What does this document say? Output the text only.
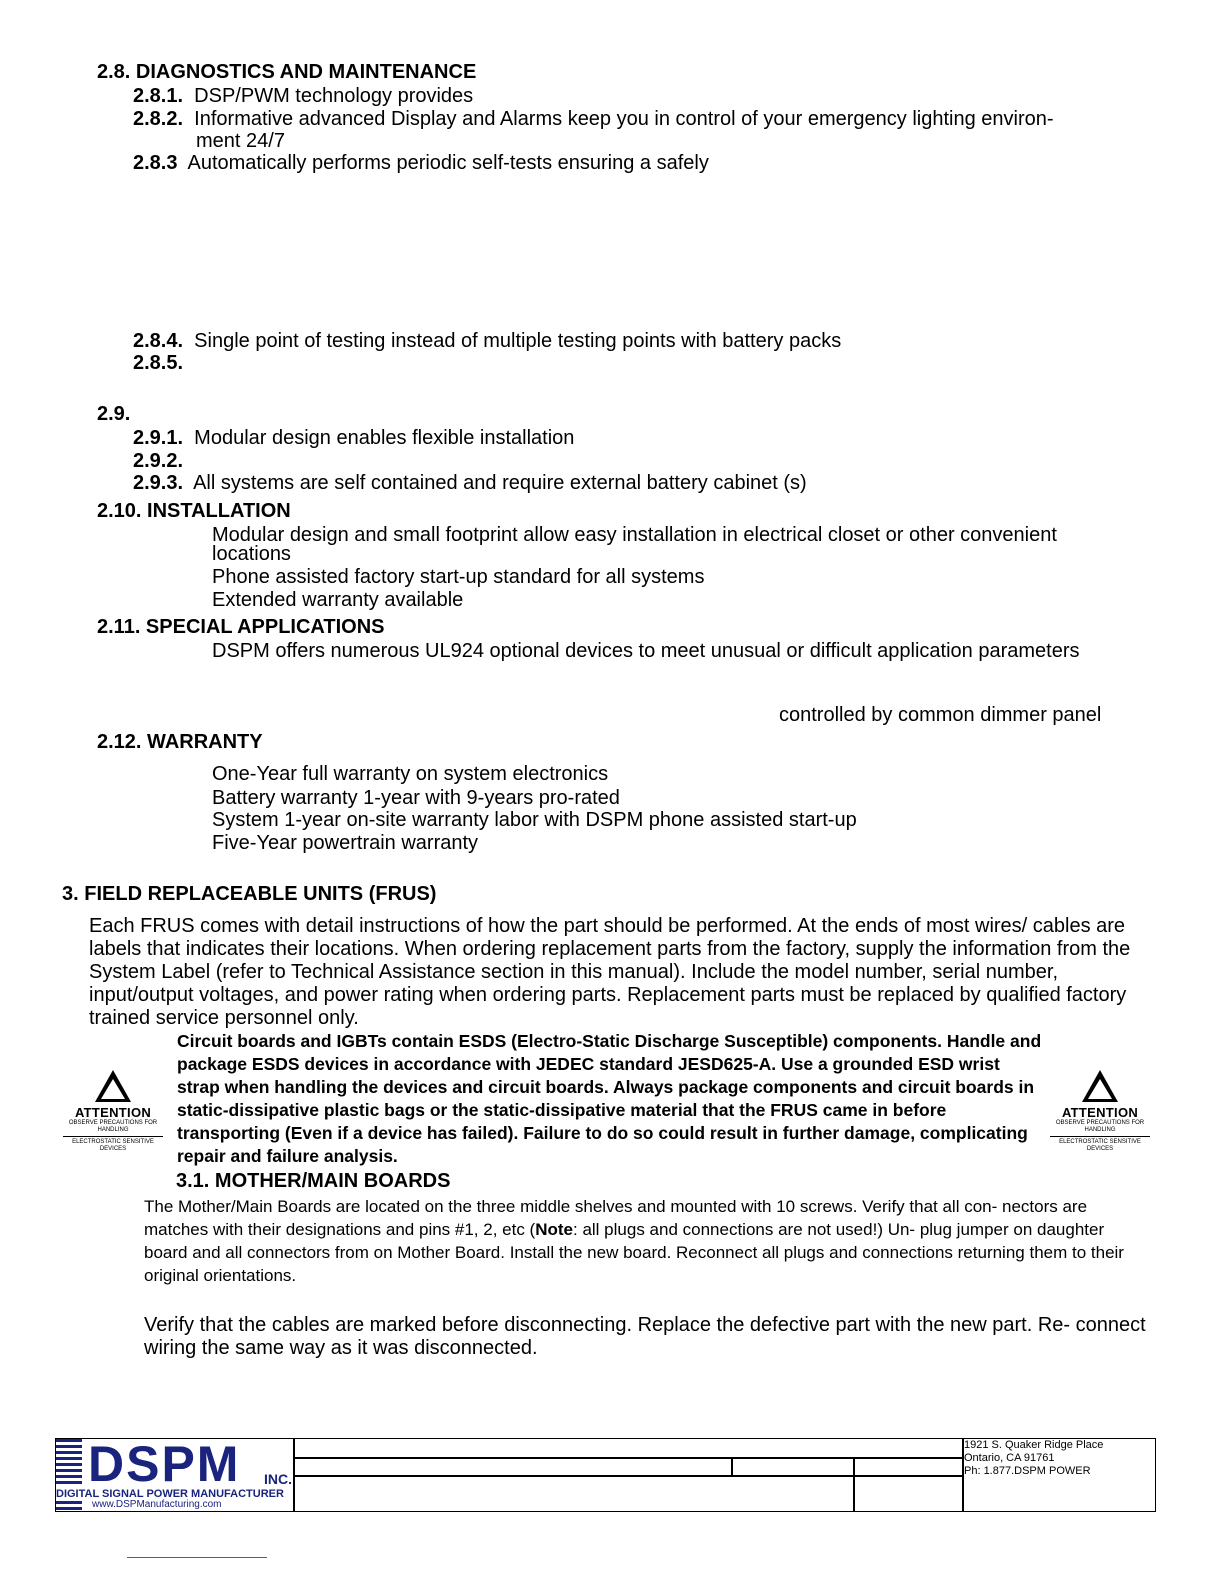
2.8. DIAGNOSTICS AND MAINTENANCE
2.8.1. DSP/PWM technology provides
2.8.2. Informative advanced Display and Alarms keep you in control of your emergency lighting environ-
ment 24/7
2.8.3 Automatically performs periodic self-tests ensuring a safely
2.8.4. Single point of testing instead of multiple testing points with battery packs
2.8.5.
2.9.
2.9.1. Modular design enables flexible installation
2.9.2.
2.9.3. All systems are self contained and require external battery cabinet (s)
2.10. INSTALLATION
Modular design and small footprint allow easy installation in electrical closet or other convenient
locations
Phone assisted factory start-up standard for all systems
Extended warranty available
2.11. SPECIAL APPLICATIONS
DSPM offers numerous UL924 optional devices to meet unusual or difficult application parameters
controlled by common dimmer panel
2.12. WARRANTY
One-Year full warranty on system electronics
Battery warranty 1-year with 9-years pro-rated
System 1-year on-site warranty labor with DSPM phone assisted start-up
Five-Year powertrain warranty
3. FIELD REPLACEABLE UNITS (FRUS)
Each FRUS comes with detail instructions of how the part should be performed. At the ends of most wires/ cables are labels that indicates their locations. When ordering replacement parts from the factory, supply the information from the System Label (refer to Technical Assistance section in this manual). Include the model number, serial number, input/output voltages, and power rating when ordering parts. Replacement parts must be replaced by qualified factory trained service personnel only.
ATTENTION
OBSERVE PRECAUTIONS FOR HANDLING
ELECTROSTATIC SENSITIVE DEVICES
Circuit boards and IGBTs contain ESDS (Electro-Static Discharge Susceptible) components. Handle and package ESDS devices in accordance with JEDEC standard JESD625-A. Use a grounded ESD wrist strap when handling the devices and circuit boards. Always package components and circuit boards in static-dissipative plastic bags or the static-dissipative material that the FRUS came in before transporting (Even if a device has failed). Failure to do so could result in further damage, complicating repair and failure analysis.
ATTENTION
OBSERVE PRECAUTIONS FOR HANDLING
ELECTROSTATIC SENSITIVE DEVICES
3.1. MOTHER/MAIN BOARDS
The Mother/Main Boards are located on the three middle shelves and mounted with 10 screws. Verify that all con- nectors are matches with their designations and pins #1, 2, etc (Note: all plugs and connections are not used!) Un- plug jumper on daughter board and all connectors from on Mother Board. Install the new board. Reconnect all plugs and connections returning them to their original orientations.
Verify that the cables are marked before disconnecting. Replace the defective part with the new part. Re- connect wiring the same way as it was disconnected.
DSPM INC.
DIGITAL SIGNAL POWER MANUFACTURER
www.DSPManufacturing.com
1921 S. Quaker Ridge Place
Ontario, CA 91761
Ph: 1.877.DSPM POWER
